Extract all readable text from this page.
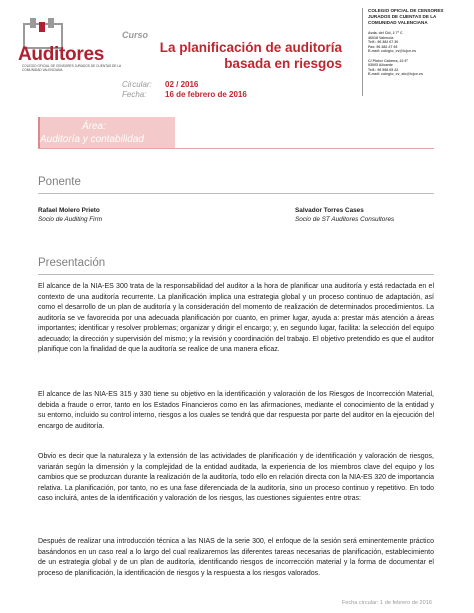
Auditores
COLEGIO OFICIAL DE CENSORES JURADOS DE CUENTAS DE LA COMUNIDAD VALENCIANA
Curso
La planificación de auditoría
basada en riesgos
Circular: 02 / 2016
Fecha: 16 de febrero de 2016
COLEGIO OFICIAL DE CENSORES
JURADOS DE CUENTAS DE LA
COMUNIDAD VALENCIANA
Avda. del Cid, 2 7ª C
46018 Valencia
Telf.: 96 382 67 30
Fax: 96 382 27 93
E-mail: colegio_cv@icjce.es
C/ Pintor Cabrera, 22 6ª
03003 Alicante
Telf.: 96 598 65 22
E-mail: colegio_cv_alc@icjce.es
Área:
Auditoría y contabilidad
Ponente
Rafael Molero Prieto
Socio de Auditing Firm
Salvador Torres Cases
Socio de ST Auditores Consultores
Presentación

El alcance de la NIA-ES 300 trata de la responsabilidad del auditor a la hora de planificar una auditoría y está redactada en el contexto de una auditoría recurrente. La planificación implica una estrategia global y un proceso continuo de adaptación, así como el desarrollo de un plan de auditoría y la consideración del momento de realización de determinados procedimientos. La auditoría se ve favorecida por una adecuada planificación por cuanto, en primer lugar, ayuda a: prestar más atención a áreas importantes; identificar y resolver problemas; organizar y dirigir el encargo; y, en segundo lugar, facilita: la selección del equipo adecuado; la dirección y supervisión del mismo; y la revisión y coordinación del trabajo. El objetivo pretendido es que el auditor planifique con la finalidad de que la auditoría se realice de una manera eficaz.

El alcance de las NIA-ES 315 y 330 tiene su objetivo en la identificación y valoración de los Riesgos de Incorrección Material, debida a fraude o error, tanto en los Estados Financieros como en las afirmaciones, mediante el conocimiento de la entidad y su entorno, incluido su control interno, riesgos a los cuales se tendrá que dar respuesta por parte del auditor en la ejecución del encargo de auditoría.

Obvio es decir que la naturaleza y la extensión de las actividades de planificación y de identificación y valoración de riesgos, variarán según la dimensión y la complejidad de la entidad auditada, la experiencia de los miembros clave del equipo y los cambios que se produzcan durante la realización de la auditoría, todo ello en relación directa con la NIA-ES 320 de importancia relativa. La planificación, por tanto, no es una fase diferenciada de la auditoría, sino un proceso continuo y repetitivo. En todo caso incluirá, antes de la identificación y valoración de los riesgos, las cuestiones siguientes entre otras:

Después de realizar una introducción técnica a las NIAS de la serie 300, el enfoque de la sesión será eminentemente práctico basándonos en un caso real a lo largo del cual realizaremos las diferentes tareas necesarias de planificación, establecimiento de un estrategia global y de un plan de auditoría, identificando riesgos de incorrección material y la forma de documentar el proceso de planificación, la identificación de riesgos y la respuesta a los riesgos valorados.

Fecha circular: 1 de febrero de 2016
